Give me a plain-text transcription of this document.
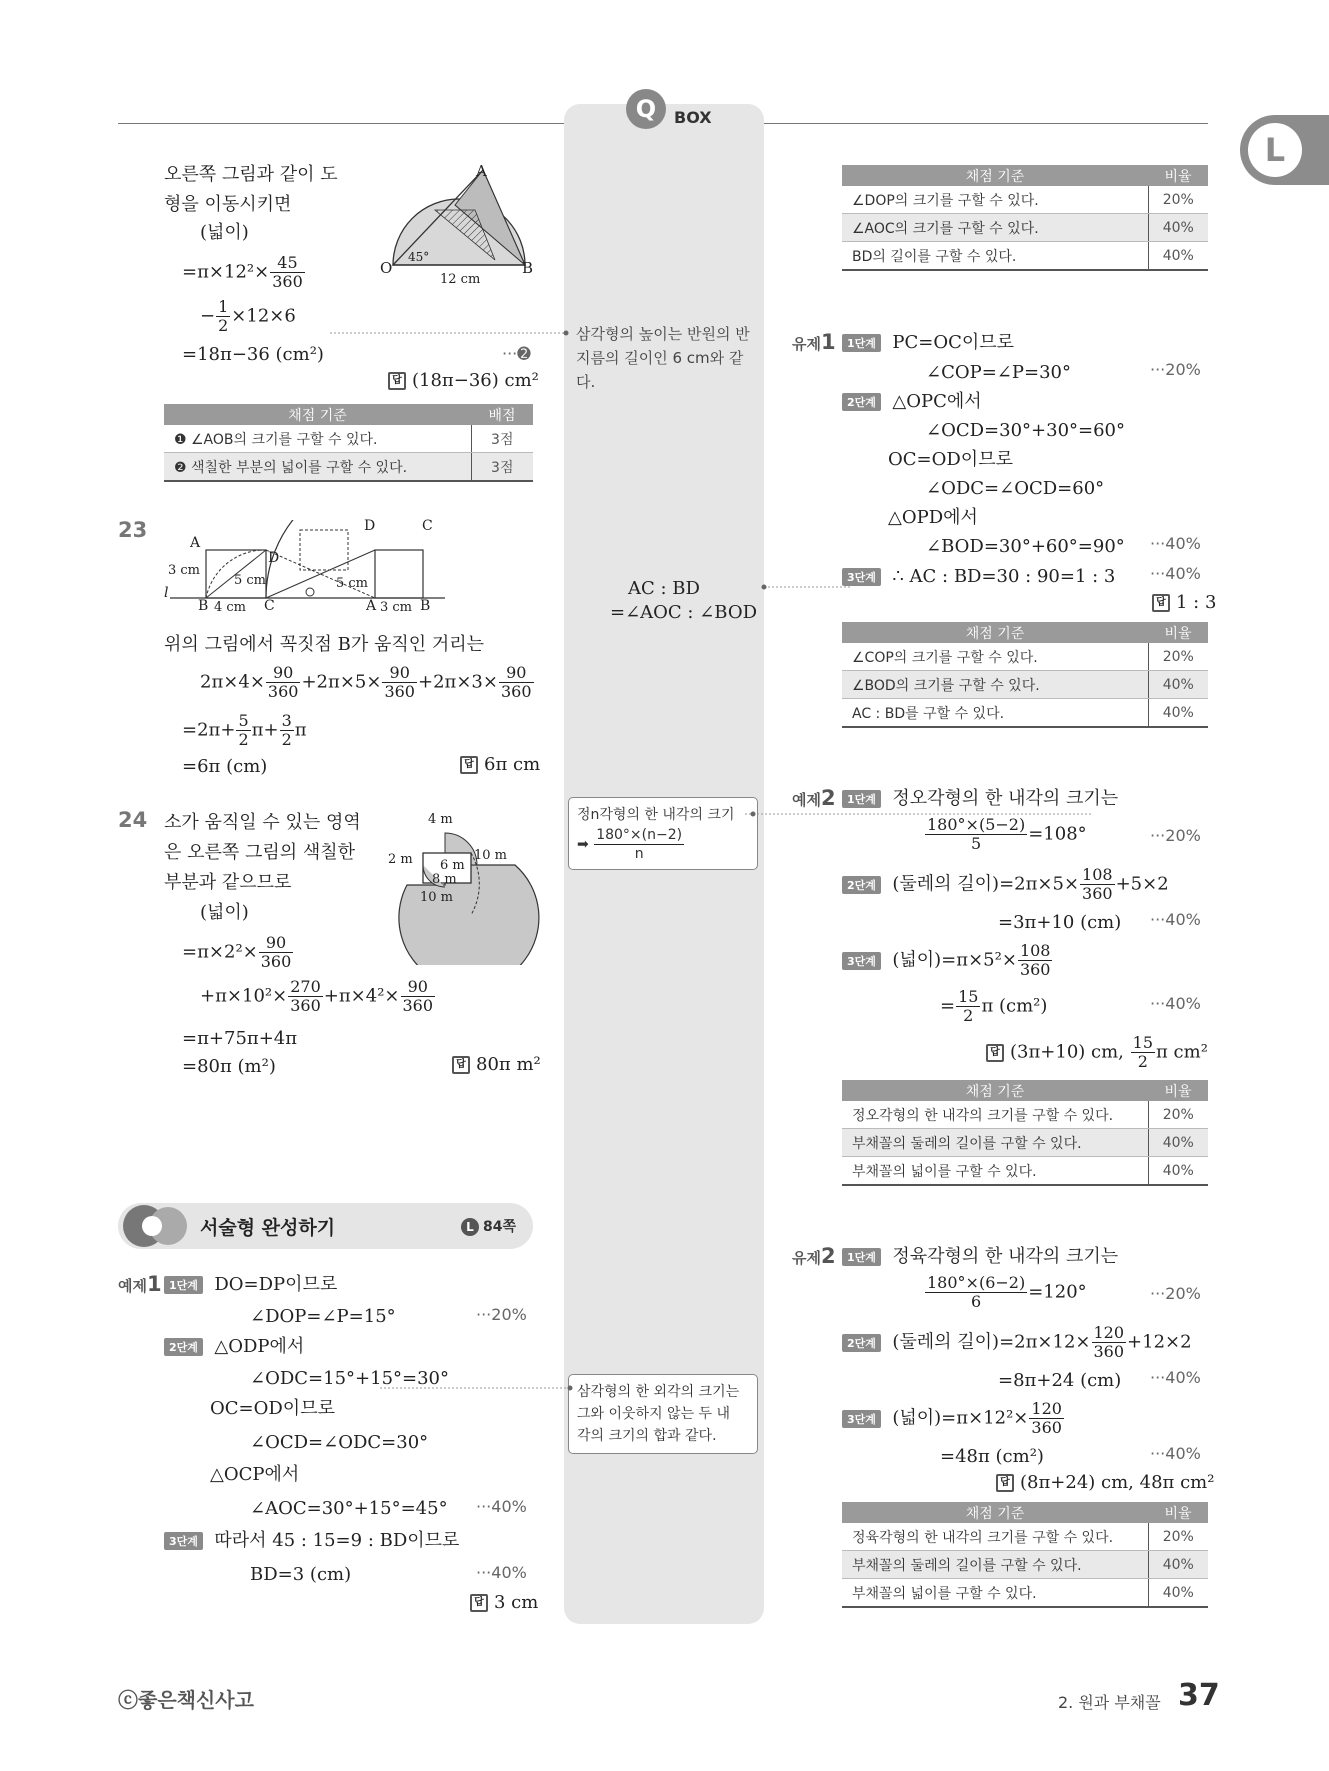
Q	BOX
L
오른쪽 그림과 같이 도
형을 이동시키면
(넓이)
$=\pi\times 12^2\times \frac{45}{360}$
− $\frac{1}{2} \times 12\times 6$
=18π−36 (cm²)	···➋
답 (18π−36) cm²
A
O	B
45°
12 cm
채점 기준	배점
❶ ∠AOB의 크기를 구할 수 있다.	3점
❷ 색칠한 부분의 넓이를 구할 수 있다.	3점
23
A
D
D	C
3 cm
5 cm	5 cm
l
B 4 cm C	A 3 cm B
위의 그림에서 꼭짓점 B가 움직인 거리는
$2\pi\times 4\times \frac{90}{360} +2\pi\times 5\times \frac{90}{360} +2\pi\times 3\times \frac{90}{360}$
$=2\pi+ \frac{5}{2} \pi+ \frac{3}{2}$ π
=6π (cm)	답 6π cm
24 소가 움직일 수 있는 영역
은 오른쪽 그림의 색칠한
부분과 같으므로
(넓이)
$=\pi\times 2^2\times \frac{90}{360}$
$+\pi\times 10^2\times \frac{270}{360} +\pi\times 4^2\times \frac{90}{360}$
=π+75π+4π
=80π (m²)	답 80π m²
4 m
2 m 6 m
8 m
10 m
10 m
서술형 완성하기	L 84쪽
예제1 1단계 DO=DP이므로
∠DOP=∠P=15°	···20%
2단계 △ODP에서
∠ODC=15°+15°=30°
OC=OD이므로
∠OCD=∠ODC=30°
△OCP에서
∠AOC=30°+15°=45° ···40%
3단계 따라서 45 : 15=9 : BD이므로
BD=3 (cm)	···40%
답 3 cm
삼각형의 높이는 반원의 반
지름의 길이인 6 cm와 같
다.
AC : BD
=∠AOC : ∠BOD
정n각형의 한 내각의 크기
➡ $\frac{180^\circ\times(n-2)}{n}$
삼각형의 한 외각의 크기는
그와 이웃하지 않는 두 내
각의 크기의 합과 같다.
채점 기준	비율
∠DOP의 크기를 구할 수 있다.	20%
∠AOC의 크기를 구할 수 있다.	40%
BD의 길이를 구할 수 있다.	40%
유제1	1단계 PC=OC이므로
∠COP=∠P=30°	···20%
2단계 △OPC에서
∠OCD=30°+30°=60°
OC=OD이므로
∠ODC=∠OCD=60°
△OPD에서
∠BOD=30°+60°=90° ···40%
3단계 ∴ AC : BD=30 : 90=1 : 3 ···40%
답 1 : 3
채점 기준	비율
∠COP의 크기를 구할 수 있다.	20%
∠BOD의 크기를 구할 수 있다.	40%
AC : BD를 구할 수 있다.	40%
예제2	1단계 정오각형의 한 내각의 크기는
$\frac{180^\circ\times(5-2)}{5} =108^\circ$	···20%
2단계 (둘레의 길이)$=2\pi\times 5\times \frac{108}{360} +5\times 2$
=3π+10 (cm) ···40%
3단계 (넓이)$=\pi\times 5^2\times \frac{108}{360}$
= $\frac{15}{2}$ π (cm²)	···40%
답 (3π+10) cm, $\frac{15}{2}$ π cm²
채점 기준	비율
정오각형의 한 내각의 크기를 구할 수 있다.	20%
부채꼴의 둘레의 길이를 구할 수 있다.	40%
부채꼴의 넓이를 구할 수 있다.	40%
유제2	1단계 정육각형의 한 내각의 크기는
$\frac{180^\circ\times(6-2)}{6} =120^\circ$	···20%
2단계 (둘레의 길이)$=2\pi\times 12\times \frac{120}{360} +12\times 2$
=8π+24 (cm) ···40%
3단계 (넓이)$=\pi\times 12^2\times \frac{120}{360}$
=48π (cm²)	···40%
답 (8π+24) cm, 48π cm²
채점 기준	비율
정육각형의 한 내각의 크기를 구할 수 있다.	20%
부채꼴의 둘레의 길이를 구할 수 있다.	40%
부채꼴의 넓이를 구할 수 있다.	40%
ⓒ좋은책신사고	2. 원과 부채꼴 37
